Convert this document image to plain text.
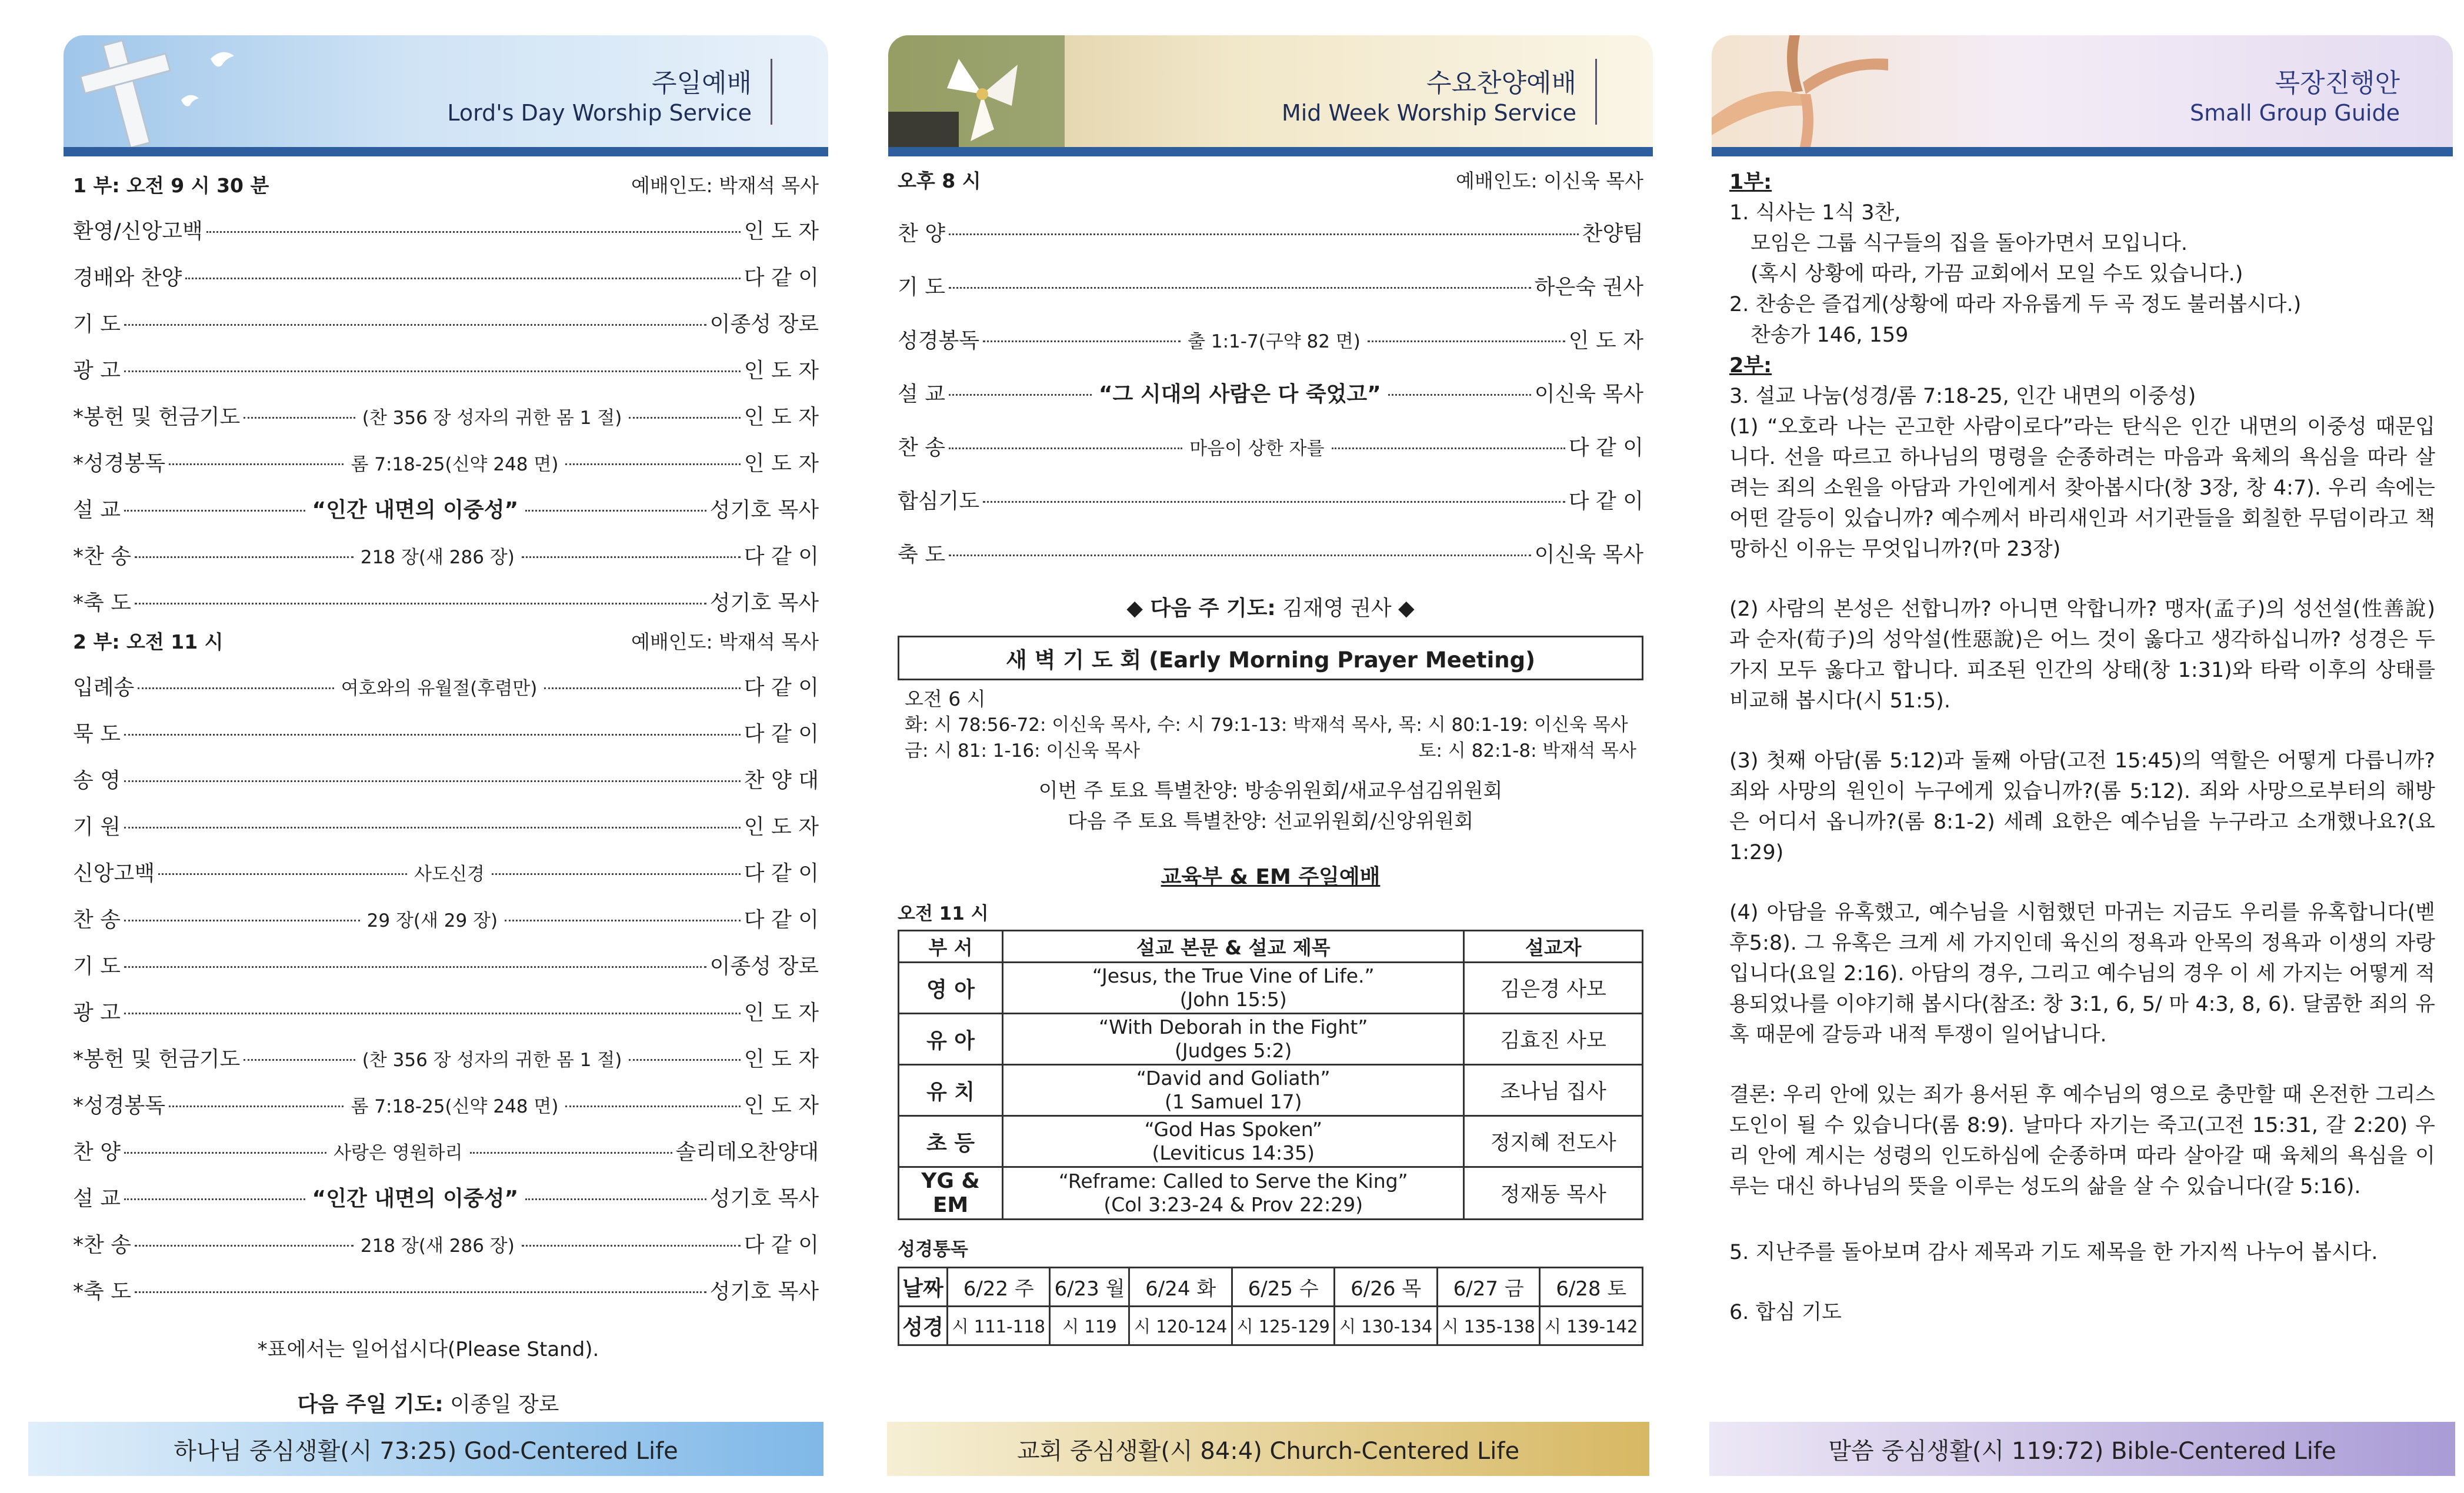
주일예배
Lord's Day Worship Service
1 부: 오전 9 시 30 분	예배인도: 박재석 목사
환영/신앙고백	인 도 자
경배와 찬양	다 같 이
기 도	이종성 장로
광 고	인 도 자
*봉헌 및 헌금기도	(찬 356 장 성자의 귀한 몸 1 절)	인 도 자
*성경봉독	롬 7:18-25(신약 248 면)	인 도 자
설 교	“인간 내면의 이중성”	성기호 목사
*찬 송	218 장(새 286 장)	다 같 이
*축 도	성기호 목사
2 부: 오전 11 시	예배인도: 박재석 목사
입례송	여호와의 유월절(후렴만)	다 같 이
묵 도	다 같 이
송 영	찬 양 대
기 원	인 도 자
신앙고백	사도신경	다 같 이
찬 송	29 장(새 29 장)	다 같 이
기 도	이종성 장로
광 고	인 도 자
*봉헌 및 헌금기도	(찬 356 장 성자의 귀한 몸 1 절)	인 도 자
*성경봉독	롬 7:18-25(신약 248 면)	인 도 자
찬 양	사랑은 영원하리	솔리데오찬양대
설 교	“인간 내면의 이중성”	성기호 목사
*찬 송	218 장(새 286 장)	다 같 이
*축 도	성기호 목사
*표에서는 일어섭시다(Please Stand).
다음 주일 기도: 이종일 장로
하나님 중심생활(시 73:25) God-Centered Life
수요찬양예배
Mid Week Worship Service
오후 8 시	예배인도: 이신욱 목사
찬 양	찬양팀
기 도	하은숙 권사
성경봉독	출 1:1-7(구약 82 면)	인 도 자
설 교	“그 시대의 사람은 다 죽었고”	이신욱 목사
찬 송	마음이 상한 자를	다 같 이
합심기도	다 같 이
축 도	이신욱 목사
◆ 다음 주 기도: 김재영 권사 ◆
새 벽 기 도 회 (Early Morning Prayer Meeting)
오전 6 시
화: 시 78:56-72: 이신욱 목사, 수: 시 79:1-13: 박재석 목사, 목: 시 80:1-19: 이신욱 목사
금: 시 81: 1-16: 이신욱 목사	토: 시 82:1-8: 박재석 목사
이번 주 토요 특별찬양: 방송위원회/새교우섬김위원회
다음 주 토요 특별찬양: 선교위원회/신앙위원회
교육부 & EM 주일예배
오전 11 시
부 서	설교 본문 & 설교 제목	설교자
영 아	“Jesus, the True Vine of Life.”
(John 15:5)	김은경 사모
유 아	“With Deborah in the Fight”
(Judges 5:2)	김효진 사모
유 치	“David and Goliath”
(1 Samuel 17)	조나님 집사
초 등	“God Has Spoken”
(Leviticus 14:35)	정지혜 전도사
YG & EM	“Reframe: Called to Serve the King”
(Col 3:23-24 & Prov 22:29)	정재동 목사
성경통독
날짜	6/22 주	6/23 월	6/24 화	6/25 수	6/26 목	6/27 금	6/28 토
성경	시 111-118	시 119	시 120-124	시 125-129	시 130-134	시 135-138	시 139-142
교회 중심생활(시 84:4) Church-Centered Life
목장진행안
Small Group Guide
1부:
1. 식사는 1식 3찬,
모임은 그룹 식구들의 집을 돌아가면서 모입니다.
(혹시 상황에 따라, 가끔 교회에서 모일 수도 있습니다.)
2. 찬송은 즐겁게(상황에 따라 자유롭게 두 곡 정도 불러봅시다.)
찬송가 146, 159
2부:
3. 설교 나눔(성경/롬 7:18-25, 인간 내면의 이중성)

(1) “오호라 나는 곤고한 사람이로다”라는 탄식은 인간 내면의 이중성 때문입니다. 선을 따르고 하나님의 명령을 순종하려는 마음과 육체의 욕심을 따라 살려는 죄의 소원을 아담과 가인에게서 찾아봅시다(창 3장, 창 4:7). 우리 속에는 어떤 갈등이 있습니까? 예수께서 바리새인과 서기관들을 회칠한 무덤이라고 책망하신 이유는 무엇입니까?(마 23장)

(2) 사람의 본성은 선합니까? 아니면 악합니까? 맹자(孟子)의 성선설(性善說)과 순자(荀子)의 성악설(性惡說)은 어느 것이 옳다고 생각하십니까? 성경은 두 가지 모두 옳다고 합니다. 피조된 인간의 상태(창 1:31)와 타락 이후의 상태를 비교해 봅시다(시 51:5).

(3) 첫째 아담(롬 5:12)과 둘째 아담(고전 15:45)의 역할은 어떻게 다릅니까? 죄와 사망의 원인이 누구에게 있습니까?(롬 5:12). 죄와 사망으로부터의 해방은 어디서 옵니까?(롬 8:1-2) 세례 요한은 예수님을 누구라고 소개했나요?(요 1:29)

(4) 아담을 유혹했고, 예수님을 시험했던 마귀는 지금도 우리를 유혹합니다(벧후5:8). 그 유혹은 크게 세 가지인데 육신의 정욕과 안목의 정욕과 이생의 자랑입니다(요일 2:16). 아담의 경우, 그리고 예수님의 경우 이 세 가지는 어떻게 적용되었나를 이야기해 봅시다(참조: 창 3:1, 6, 5/ 마 4:3, 8, 6). 달콤한 죄의 유혹 때문에 갈등과 내적 투쟁이 일어납니다.

결론: 우리 안에 있는 죄가 용서된 후 예수님의 영으로 충만할 때 온전한 그리스도인이 될 수 있습니다(롬 8:9). 날마다 자기는 죽고(고전 15:31, 갈 2:20) 우리 안에 계시는 성령의 인도하심에 순종하며 따라 살아갈 때 육체의 욕심을 이루는 대신 하나님의 뜻을 이루는 성도의 삶을 살 수 있습니다(갈 5:16).

5. 지난주를 돌아보며 감사 제목과 기도 제목을 한 가지씩 나누어 봅시다.

6. 합심 기도

말씀 중심생활(시 119:72) Bible-Centered Life
